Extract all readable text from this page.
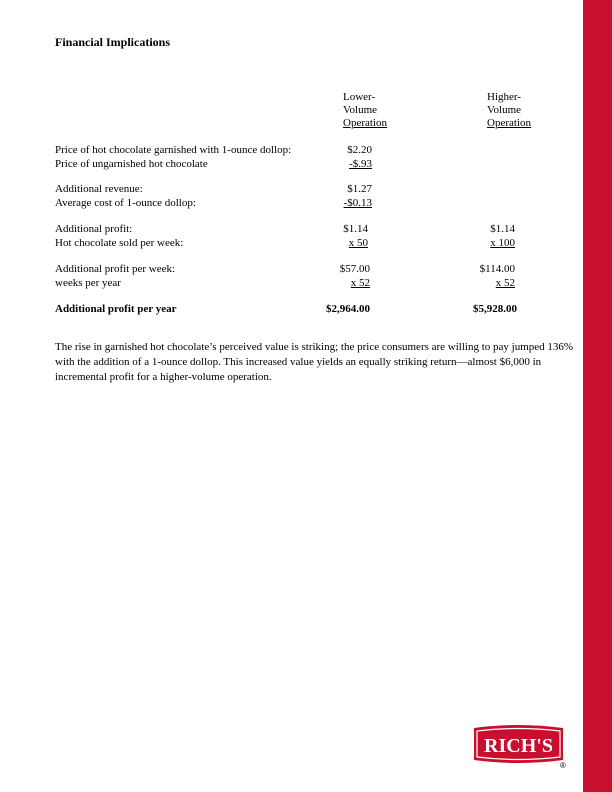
Financial Implications
Lower-
Volume
Operation
Higher-
Volume
Operation
Price of hot chocolate garnished with 1-ounce dollop:
Price of ungarnished hot chocolate
Additional revenue:
Average cost of 1-ounce dollop:
Additional profit:
Hot chocolate sold per week:
Additional profit per week:
weeks per year
Additional profit per year
$2.20
-$.93
$1.27
-$0.13
$1.14
x 50
$57.00
x 52
$2,964.00
$1.14
x 100
$114.00
x 52
$5,928.00
The rise in garnished hot chocolate’s perceived value is striking; the price consumers are willing to pay jumped 136% with the addition of a 1-ounce dollop. This increased value yields an equally striking return—almost $6,000 in incremental profit for a higher-volume operation.
RICH'S
®
